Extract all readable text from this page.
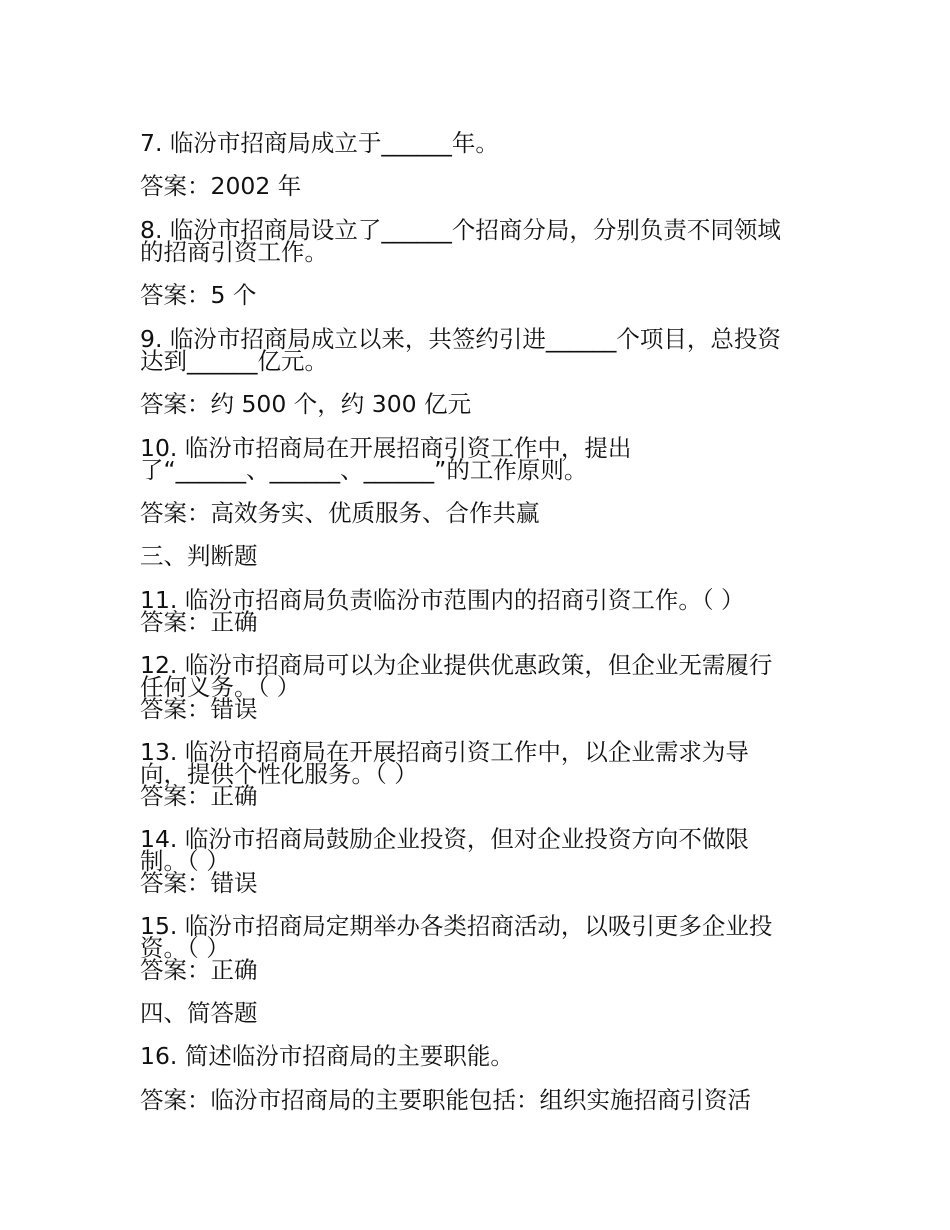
7. 临汾市招商局成立于______年。

答案：2002 年

8. 临汾市招商局设立了______个招商分局，分别负责不同领域

的招商引资工作。

答案：5 个

9. 临汾市招商局成立以来，共签约引进______个项目，总投资

达到______亿元。

答案：约 500 个，约 300 亿元

10. 临汾市招商局在开展招商引资工作中，提出

了“______、______、______”的工作原则。

答案：高效务实、优质服务、合作共赢

三、判断题

11. 临汾市招商局负责临汾市范围内的招商引资工作。（ ）

答案：正确

12. 临汾市招商局可以为企业提供优惠政策，但企业无需履行

任何义务。（ ）

答案：错误

13. 临汾市招商局在开展招商引资工作中，以企业需求为导

向，提供个性化服务。（ ）

答案：正确

14. 临汾市招商局鼓励企业投资，但对企业投资方向不做限

制。（ ）

答案：错误

15. 临汾市招商局定期举办各类招商活动，以吸引更多企业投

资。（ ）

答案：正确

四、简答题

16. 简述临汾市招商局的主要职能。

答案：临汾市招商局的主要职能包括：组织实施招商引资活
